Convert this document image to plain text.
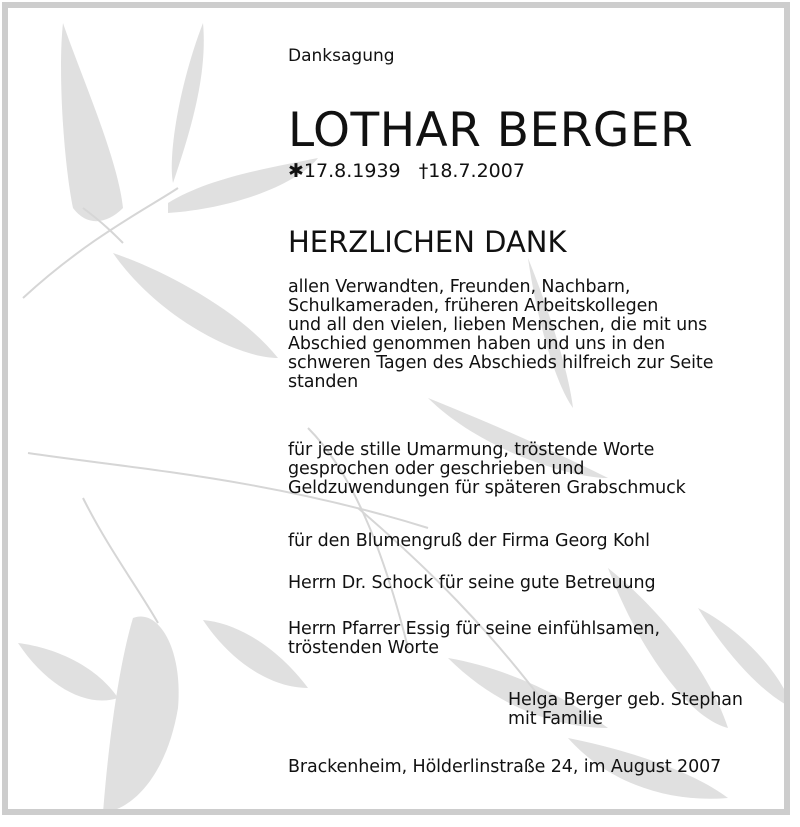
Danksagung
LOTHAR BERGER
✱17.8.1939 †18.7.2007
HERZLICHEN DANK
allen Verwandten, Freunden, Nachbarn,
Schulkameraden, früheren Arbeitskollegen
und all den vielen, lieben Menschen, die mit uns
Abschied genommen haben und uns in den
schweren Tagen des Abschieds hilfreich zur Seite
standen
für jede stille Umarmung, tröstende Worte
gesprochen oder geschrieben und
Geldzuwendungen für späteren Grabschmuck
für den Blumengruß der Firma Georg Kohl
Herrn Dr. Schock für seine gute Betreuung
Herrn Pfarrer Essig für seine einfühlsamen,
tröstenden Worte
Helga Berger geb. Stephan
mit Familie
Brackenheim, Hölderlinstraße 24, im August 2007
